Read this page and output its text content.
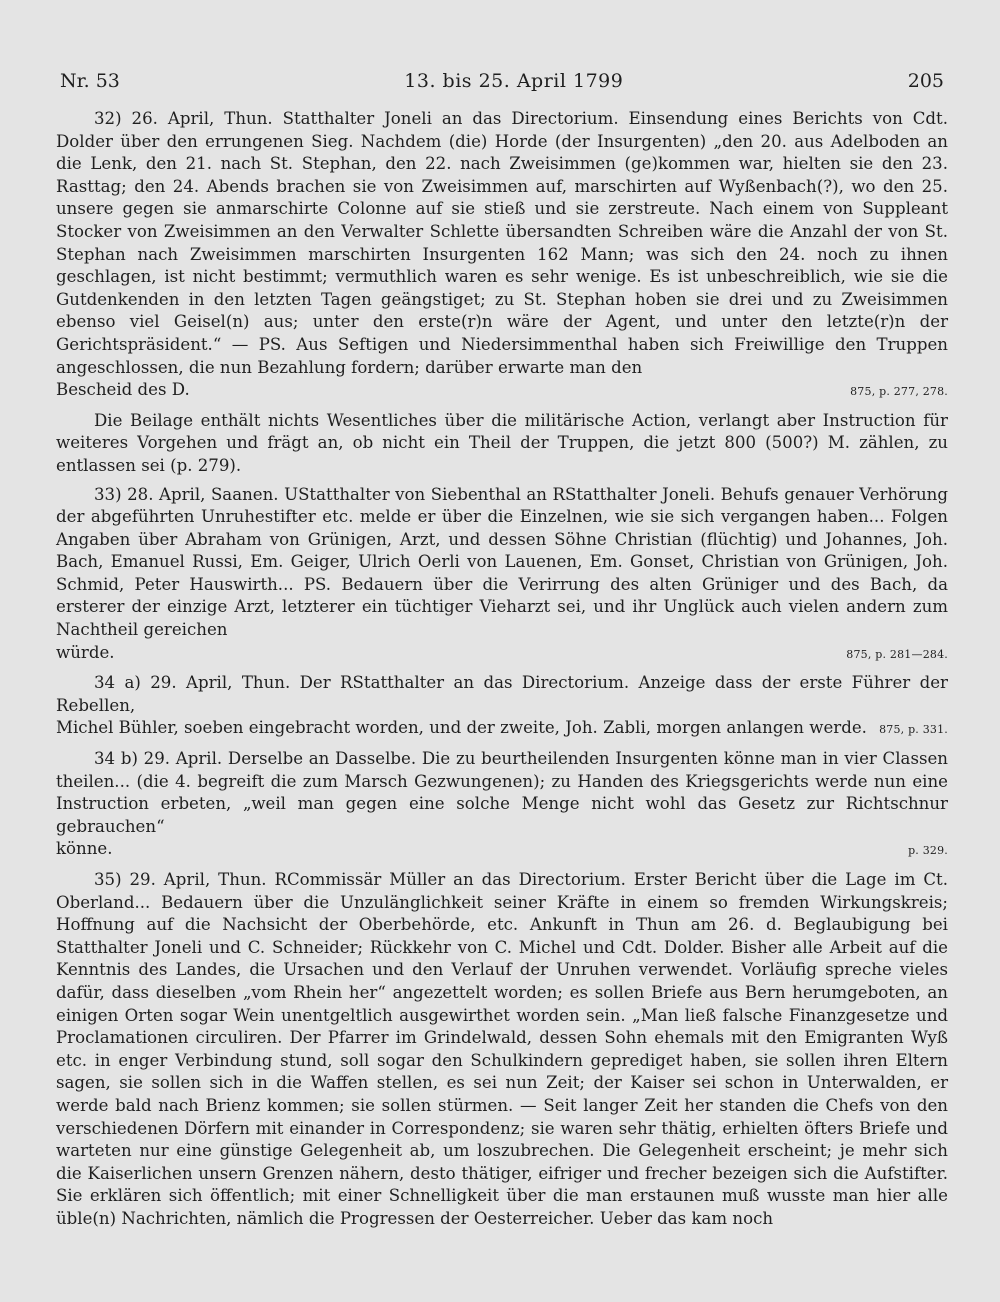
Nr. 53	13. bis 25. April 1799	205
32) 26. April, Thun. Statthalter Joneli an das Directorium. Einsendung eines Berichts von Cdt. Dolder über den errungenen Sieg. Nachdem (die) Horde (der Insurgenten) „den 20. aus Adelboden an die Lenk, den 21. nach St. Stephan, den 22. nach Zweisimmen (ge)kommen war, hielten sie den 23. Rasttag; den 24. Abends brachen sie von Zweisimmen auf, marschirten auf Wyßenbach(?), wo den 25. unsere gegen sie anmarschirte Colonne auf sie stieß und sie zerstreute. Nach einem von Suppleant Stocker von Zweisimmen an den Verwalter Schlette übersandten Schreiben wäre die Anzahl der von St. Stephan nach Zweisimmen marschirten Insurgenten 162 Mann; was sich den 24. noch zu ihnen geschlagen, ist nicht bestimmt; vermuthlich waren es sehr wenige. Es ist unbeschreiblich, wie sie die Gutdenkenden in den letzten Tagen geängstiget; zu St. Stephan hoben sie drei und zu Zweisimmen ebenso viel Geisel(n) aus; unter den erste(r)n wäre der Agent, und unter den letzte(r)n der Gerichtspräsident.“ — PS. Aus Seftigen und Niedersimmenthal haben sich Freiwillige den Truppen angeschlossen, die nun Bezahlung fordern; darüber erwarte man den
Bescheid des D.	875, p. 277, 278.

Die Beilage enthält nichts Wesentliches über die militärische Action, verlangt aber Instruction für weiteres Vorgehen und frägt an, ob nicht ein Theil der Truppen, die jetzt 800 (500?) M. zählen, zu entlassen sei (p. 279).

33) 28. April, Saanen. UStatthalter von Siebenthal an RStatthalter Joneli. Behufs genauer Verhörung der abgeführten Unruhestifter etc. melde er über die Einzelnen, wie sie sich vergangen haben... Folgen Angaben über Abraham von Grünigen, Arzt, und dessen Söhne Christian (flüchtig) und Johannes, Joh. Bach, Emanuel Russi, Em. Geiger, Ulrich Oerli von Lauenen, Em. Gonset, Christian von Grünigen, Joh. Schmid, Peter Hauswirth... PS. Bedauern über die Verirrung des alten Grüniger und des Bach, da ersterer der einzige Arzt, letzterer ein tüchtiger Vieharzt sei, und ihr Unglück auch vielen andern zum Nachtheil gereichen
würde.	875, p. 281—284.
34 a) 29. April, Thun. Der RStatthalter an das Directorium. Anzeige dass der erste Führer der Rebellen,
Michel Bühler, soeben eingebracht worden, und der zweite, Joh. Zabli, morgen anlangen werde. 875, p. 331.
34 b) 29. April. Derselbe an Dasselbe. Die zu beurtheilenden Insurgenten könne man in vier Classen theilen... (die 4. begreift die zum Marsch Gezwungenen); zu Handen des Kriegsgerichts werde nun eine Instruction erbeten, „weil man gegen eine solche Menge nicht wohl das Gesetz zur Richtschnur gebrauchen“
könne.	p. 329.
35) 29. April, Thun. RCommissär Müller an das Directorium. Erster Bericht über die Lage im Ct. Oberland... Bedauern über die Unzulänglichkeit seiner Kräfte in einem so fremden Wirkungskreis; Hoffnung auf die Nachsicht der Oberbehörde, etc. Ankunft in Thun am 26. d. Beglaubigung bei Statthalter Joneli und C. Schneider; Rückkehr von C. Michel und Cdt. Dolder. Bisher alle Arbeit auf die Kenntnis des Landes, die Ursachen und den Verlauf der Unruhen verwendet. Vorläufig spreche vieles dafür, dass dieselben „vom Rhein her“ angezettelt worden; es sollen Briefe aus Bern herumgeboten, an einigen Orten sogar Wein unentgeltlich ausgewirthet worden sein. „Man ließ falsche Finanzgesetze und Proclamationen circuliren. Der Pfarrer im Grindelwald, dessen Sohn ehemals mit den Emigranten Wyß etc. in enger Verbindung stund, soll sogar den Schulkindern geprediget haben, sie sollen ihren Eltern sagen, sie sollen sich in die Waffen stellen, es sei nun Zeit; der Kaiser sei schon in Unterwalden, er werde bald nach Brienz kommen; sie sollen stürmen. — Seit langer Zeit her standen die Chefs von den verschiedenen Dörfern mit einander in Correspondenz; sie waren sehr thätig, erhielten öfters Briefe und warteten nur eine günstige Gelegenheit ab, um loszubrechen. Die Gelegenheit erscheint; je mehr sich die Kaiserlichen unsern Grenzen nähern, desto thätiger, eifriger und frecher bezeigen sich die Aufstifter. Sie erklären sich öffentlich; mit einer Schnelligkeit über die man erstaunen muß wusste man hier alle üble(n) Nachrichten, nämlich die Progressen der Oesterreicher. Ueber das kam noch
